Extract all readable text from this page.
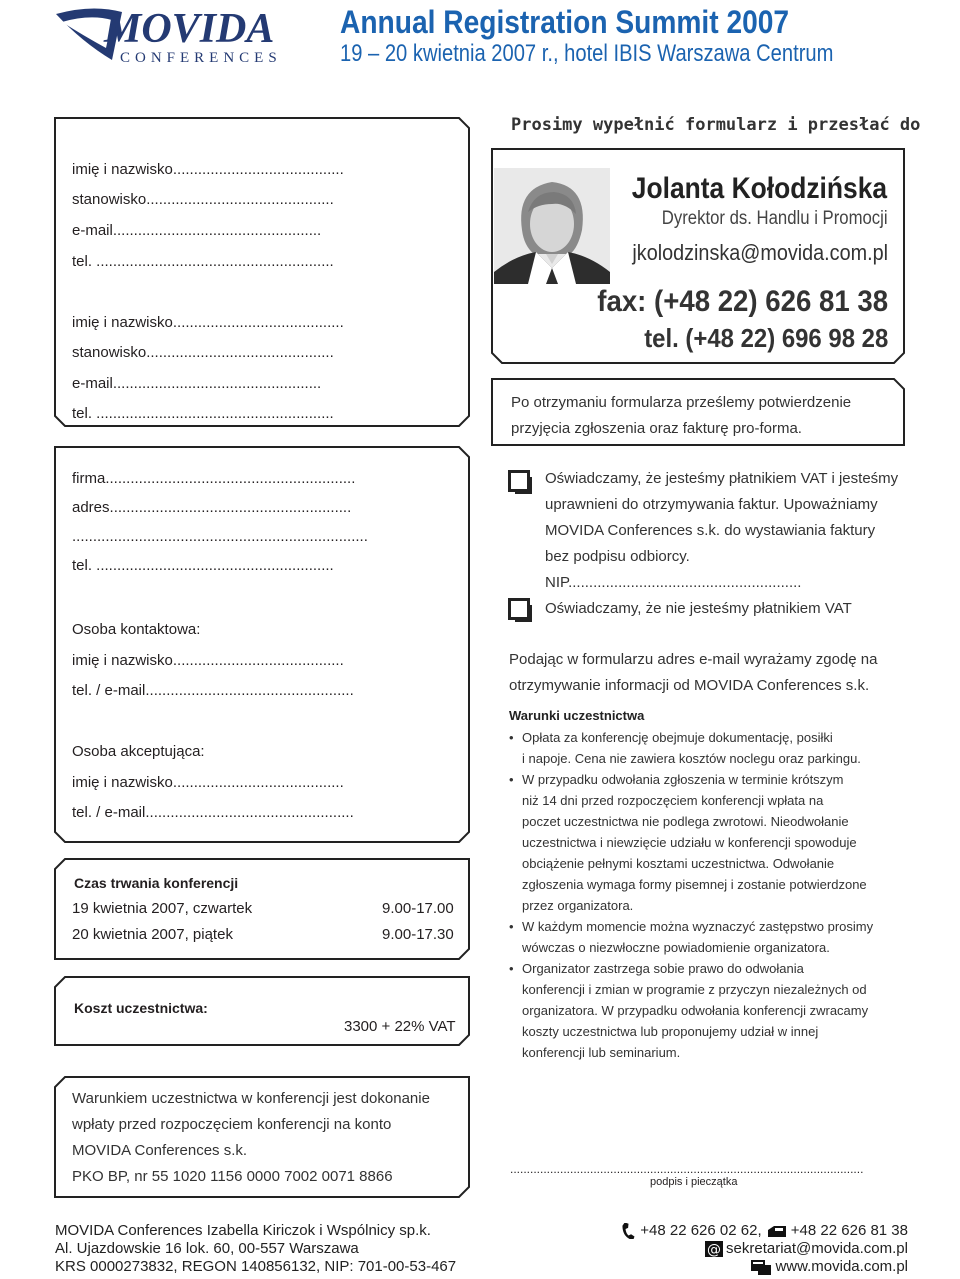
MOVIDA
CONFERENCES
Annual Registration Summit 2007
19 – 20 kwietnia 2007 r., hotel IBIS Warszawa Centrum
imię i nazwisko.........................................
stanowisko.............................................
e-mail..................................................
tel. .........................................................
imię i nazwisko.........................................
stanowisko.............................................
e-mail..................................................
tel. .........................................................
firma............................................................
adres..........................................................
.......................................................................
tel. .........................................................
Osoba kontaktowa:
imię i nazwisko.........................................
tel. / e-mail..................................................
Osoba akceptująca:
imię i nazwisko.........................................
tel. / e-mail..................................................
Czas trwania konferencji
19 kwietnia 2007, czwartek	9.00-17.00
20 kwietnia 2007, piątek	9.00-17.30
Koszt uczestnictwa:
3300 + 22% VAT
Warunkiem uczestnictwa w konferencji jest dokonanie
wpłaty przed rozpoczęciem konferencji na konto
MOVIDA Conferences s.k.
PKO BP, nr 55 1020 1156 0000 7002 0071 8866
Prosimy wypełnić formularz i przesłać do
Jolanta Kołodzińska
Dyrektor ds. Handlu i Promocji
jkolodzinska@movida.com.pl
fax: (+48 22) 626 81 38
tel. (+48 22) 696 98 28
Po otrzymaniu formularza prześlemy potwierdzenie
przyjęcia zgłoszenia oraz fakturę pro-forma.
Oświadczamy, że jesteśmy płatnikiem VAT i jesteśmy
uprawnieni do otrzymywania faktur. Upoważniamy
MOVIDA Conferences s.k. do wystawiania faktury
bez podpisu odbiorcy.
NIP........................................................
Oświadczamy, że nie jesteśmy płatnikiem VAT
Podając w formularzu adres e-mail wyrażamy zgodę na
otrzymywanie informacji od MOVIDA Conferences s.k.
Warunki uczestnictwa
• Opłata za konferencję obejmuje dokumentację, posiłki
i napoje. Cena nie zawiera kosztów noclegu oraz parkingu.
• W przypadku odwołania zgłoszenia w terminie krótszym
niż 14 dni przed rozpoczęciem konferencji wpłata na
poczet uczestnictwa nie podlega zwrotowi. Nieodwołanie
uczestnictwa i niewzięcie udziału w konferencji spowoduje
obciążenie pełnymi kosztami uczestnictwa. Odwołanie
zgłoszenia wymaga formy pisemnej i zostanie potwierdzone
przez organizatora.
• W każdym momencie można wyznaczyć zastępstwo prosimy
wówczas o niezwłoczne powiadomienie organizatora.
• Organizator zastrzega sobie prawo do odwołania
konferencji i zmian w programie z przyczyn niezależnych od
organizatora. W przypadku odwołania konferencji zwracamy
koszty uczestnictwa lub proponujemy udział w innej
konferencji lub seminarium.
..........................................................................................................
podpis i pieczątka
MOVIDA Conferences Izabella Kiriczok i Wspólnicy sp.k.
Al. Ujazdowskie 16 lok. 60, 00-557 Warszawa
KRS 0000273832, REGON 140856132, NIP: 701-00-53-467
+48 22 626 02 62, +48 22 626 81 38
@ sekretariat@movida.com.pl
www.movida.com.pl
